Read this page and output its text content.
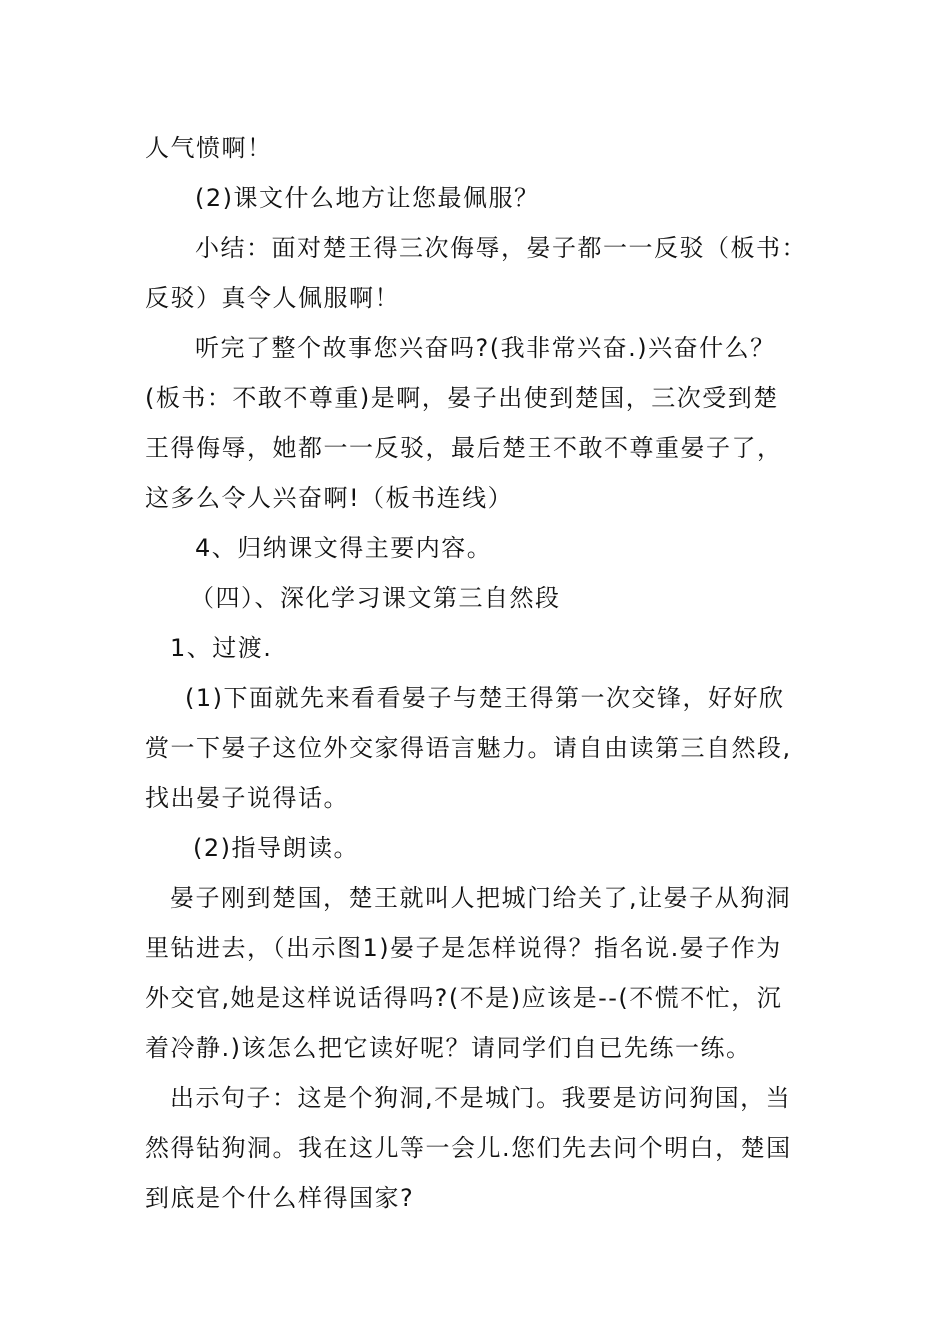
人气愤啊！
(2)课文什么地方让您最佩服？
小结：面对楚王得三次侮辱，晏子都一一反驳（板书：
反驳）真令人佩服啊！
听完了整个故事您兴奋吗?(我非常兴奋.)兴奋什么？
(板书：不敢不尊重)是啊，晏子出使到楚国，三次受到楚
王得侮辱，她都一一反驳，最后楚王不敢不尊重晏子了，
这多么令人兴奋啊!（板书连线）
4、归纳课文得主要内容。
（四）、深化学习课文第三自然段
1、过渡.
(1)下面就先来看看晏子与楚王得第一次交锋，好好欣
赏一下晏子这位外交家得语言魅力。请自由读第三自然段,
找出晏子说得话。
(2)指导朗读。
晏子刚到楚国，楚王就叫人把城门给关了,让晏子从狗洞
里钻进去，（出示图1)晏子是怎样说得？指名说.晏子作为
外交官,她是这样说话得吗?(不是)应该是--(不慌不忙，沉
着冷静.)该怎么把它读好呢？请同学们自已先练一练。
出示句子：这是个狗洞,不是城门。我要是访问狗国，当
然得钻狗洞。我在这儿等一会儿.您们先去问个明白，楚国
到底是个什么样得国家?
